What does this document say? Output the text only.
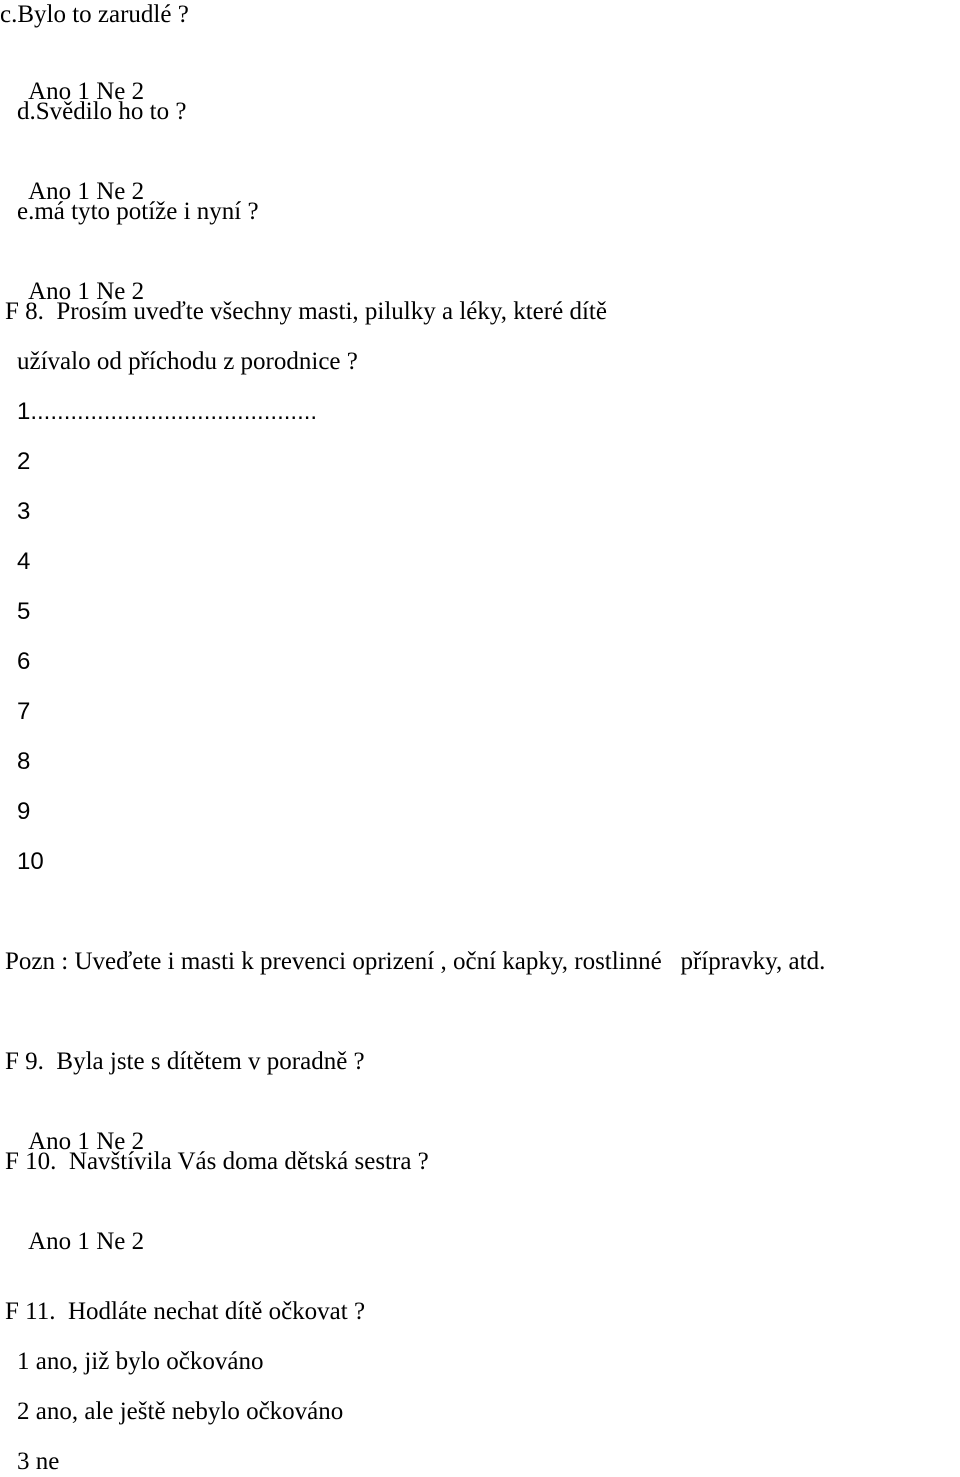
c.Bylo to zarudlé ?

Ano 1 Ne 2

d.Svědilo ho to ?

Ano 1 Ne 2

e.má tyto potíže i nyní ?

Ano 1 Ne 2

F 8.  Prosím uveďte všechny masti, pilulky a léky, které dítě
užívalo od příchodu z porodnice ?
1...........................................
2
3
4
5
6
7
8
9
10
Pozn : Uveďete i masti k prevenci oprizení , oční kapky, rostlinné   přípravky, atd.
F 9.  Byla jste s dítětem v poradně ?

Ano 1 Ne 2

F 10.  Navštívila Vás doma dětská sestra ?

Ano 1 Ne 2

F 11.  Hodláte nechat dítě očkovat ?
1 ano, již bylo očkováno
2 ano, ale ještě nebylo očkováno
3 ne
